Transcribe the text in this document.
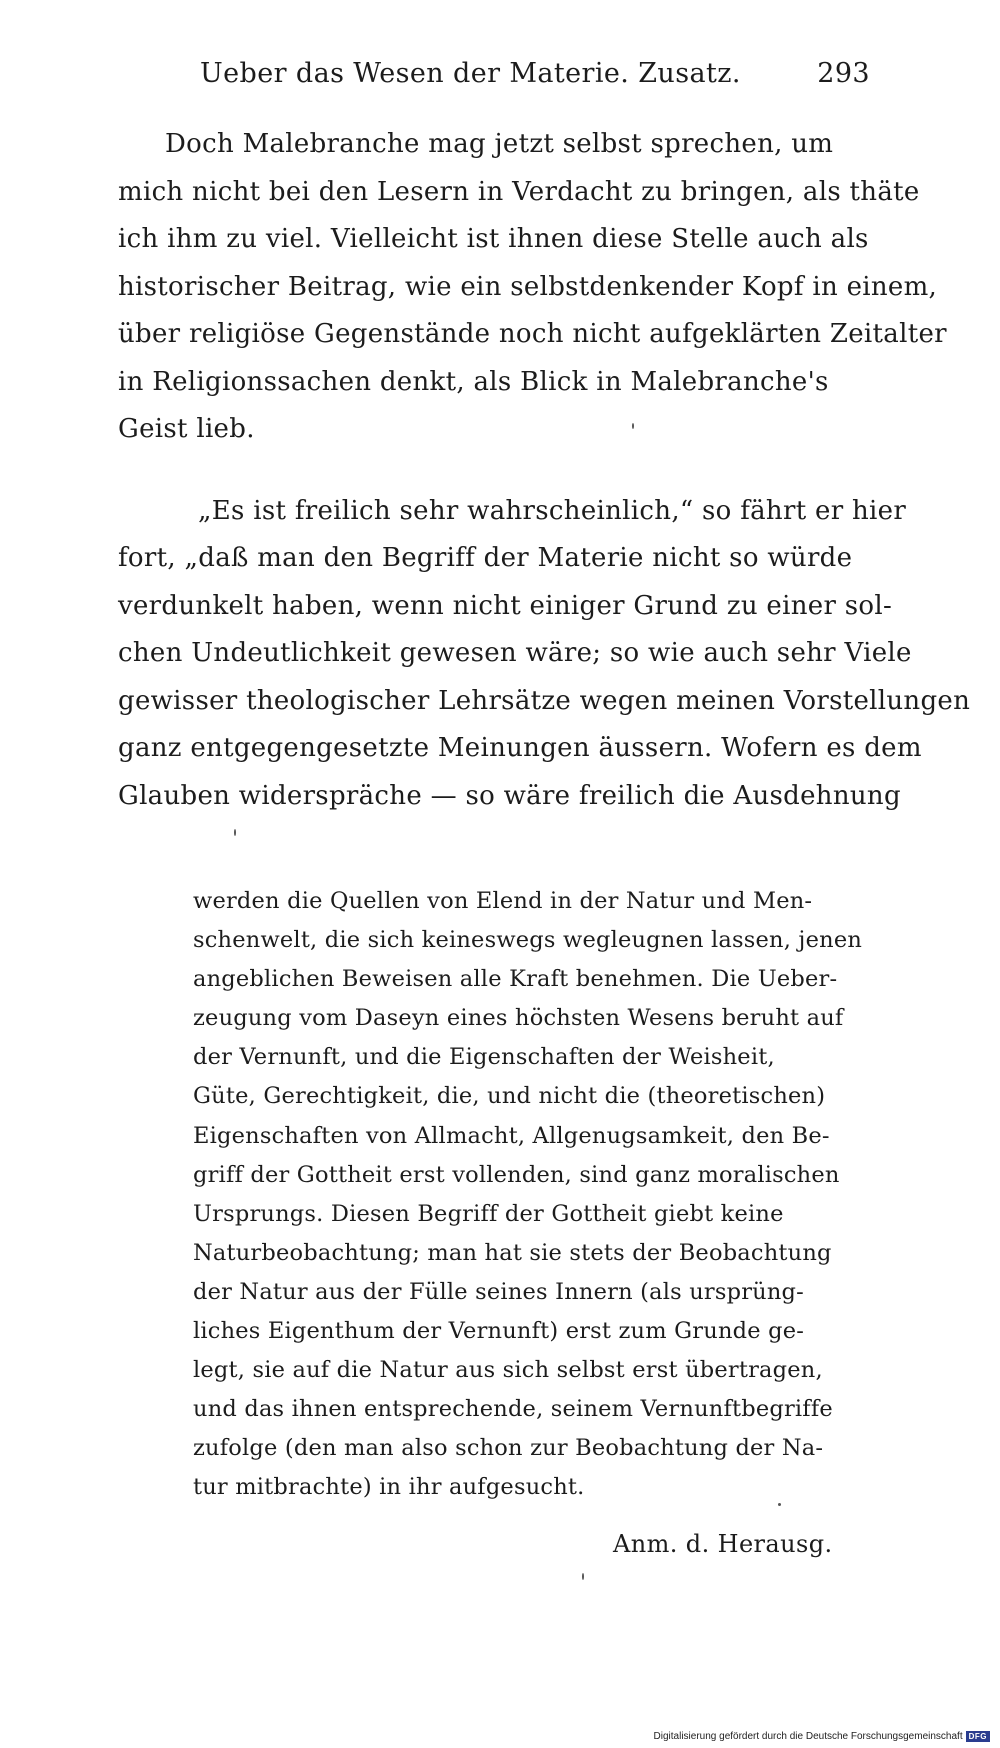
Ueber das Wesen der Materie. Zusatz.	293

Doch Malebranche mag jetzt selbst sprechen, um
mich nicht bei den Lesern in Verdacht zu bringen, als thäte
ich ihm zu viel. Vielleicht ist ihnen diese Stelle auch als
historischer Beitrag, wie ein selbstdenkender Kopf in einem,
über religiöse Gegenstände noch nicht aufgeklärten Zeitalter
in Religionssachen denkt, als Blick in Malebranche's
Geist lieb.

„Es ist freilich sehr wahrscheinlich,“ so fährt er hier
fort, „daß man den Begriff der Materie nicht so würde
verdunkelt haben, wenn nicht einiger Grund zu einer sol-
chen Undeutlichkeit gewesen wäre; so wie auch sehr Viele
gewisser theologischer Lehrsätze wegen meinen Vorstellungen
ganz entgegengesetzte Meinungen äussern. Wofern es dem
Glauben widerspräche — so wäre freilich die Ausdehnung

werden die Quellen von Elend in der Natur und Men-
schenwelt, die sich keineswegs wegleugnen lassen, jenen
angeblichen Beweisen alle Kraft benehmen. Die Ueber-
zeugung vom Daseyn eines höchsten Wesens beruht auf
der Vernunft, und die Eigenschaften der Weisheit,
Güte, Gerechtigkeit, die, und nicht die (theoretischen)
Eigenschaften von Allmacht, Allgenugsamkeit, den Be-
griff der Gottheit erst vollenden, sind ganz moralischen
Ursprungs. Diesen Begriff der Gottheit giebt keine
Naturbeobachtung; man hat sie stets der Beobachtung
der Natur aus der Fülle seines Innern (als ursprüng-
liches Eigenthum der Vernunft) erst zum Grunde ge-
legt, sie auf die Natur aus sich selbst erst übertragen,
und das ihnen entsprechende, seinem Vernunftbegriffe
zufolge (den man also schon zur Beobachtung der Na-
tur mitbrachte) in ihr aufgesucht.
Anm. d. Herausg.
Digitalisierung gefördert durch die Deutsche Forschungsgemeinschaft DFG
